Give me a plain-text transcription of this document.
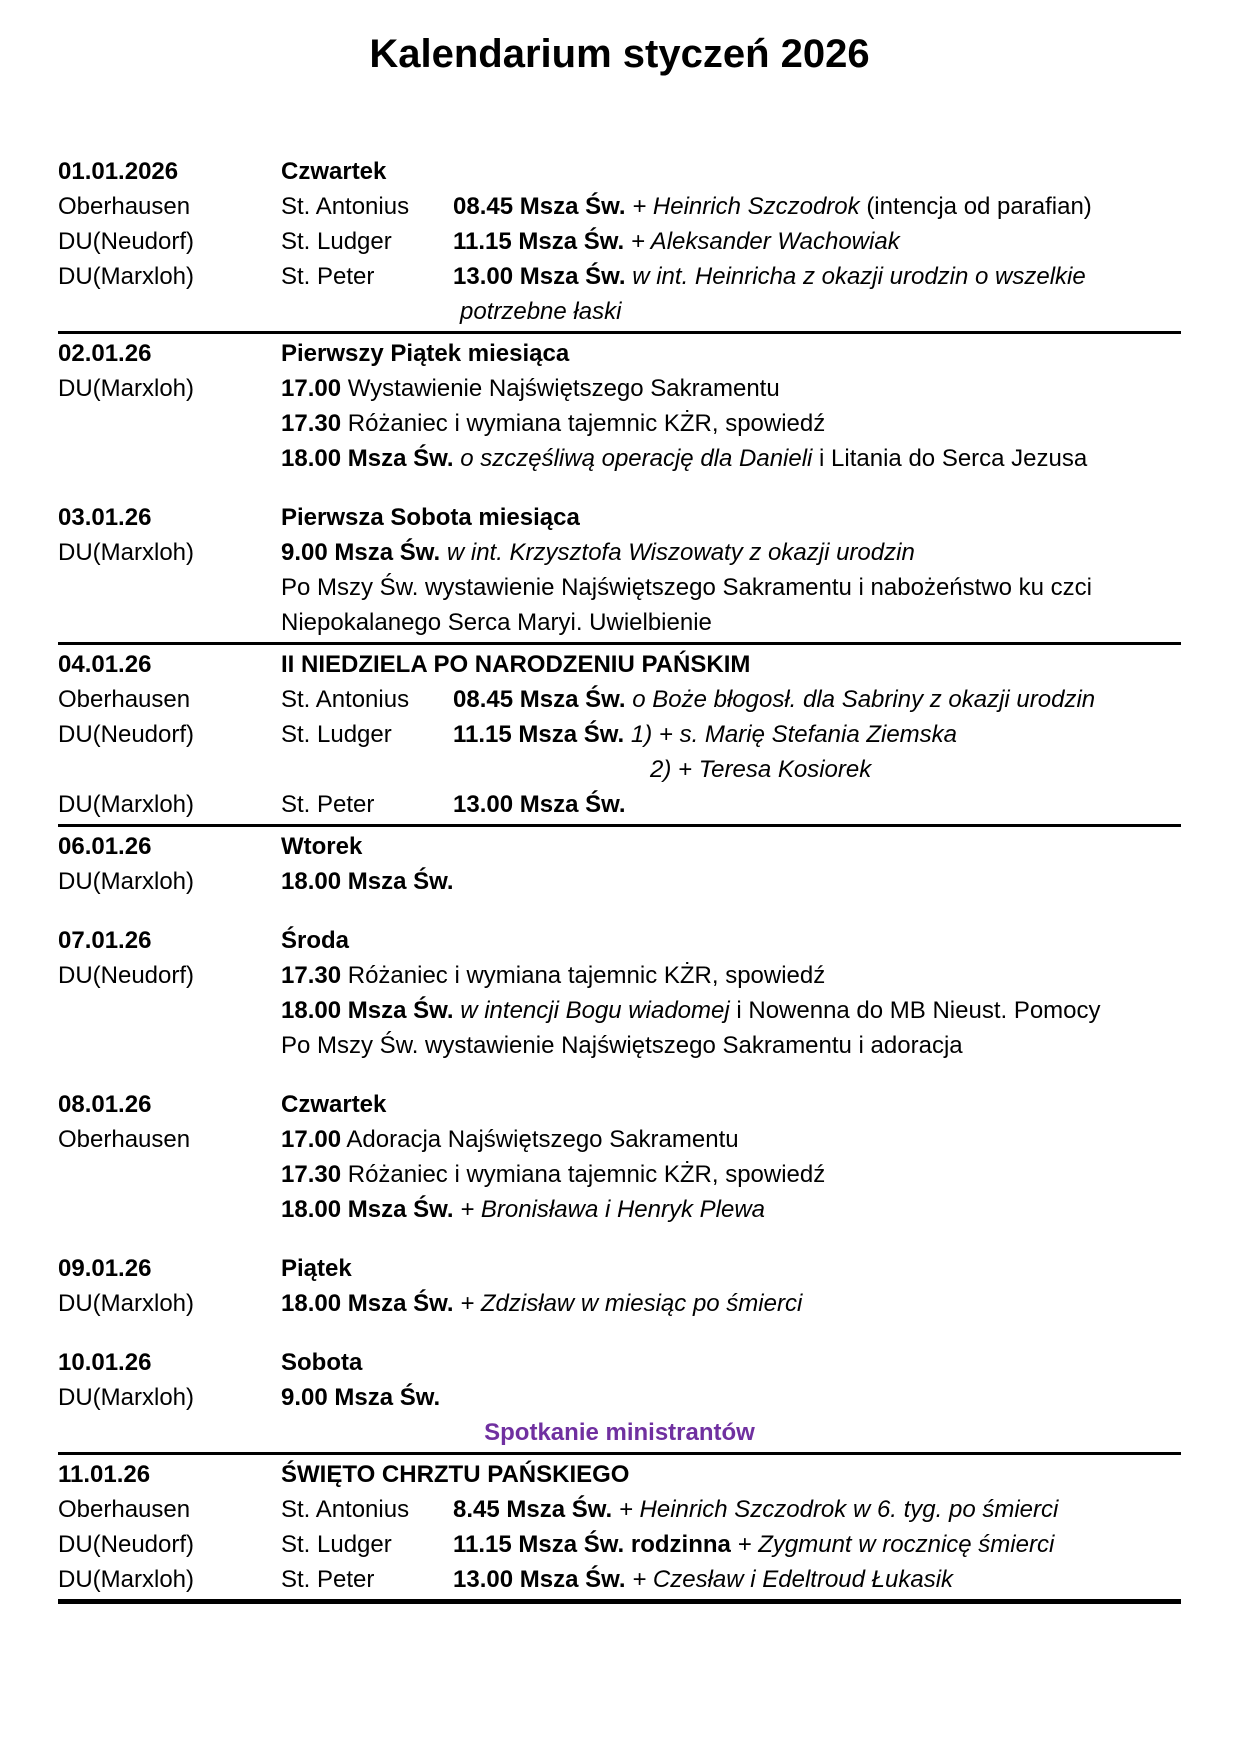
Kalendarium styczeń 2026
01.01.2026	Czwartek
Oberhausen	St. Antonius	08.45 Msza Św. + Heinrich Szczodrok (intencja od parafian)
DU(Neudorf)	St. Ludger	11.15 Msza Św. + Aleksander Wachowiak
DU(Marxloh)	St. Peter	13.00 Msza Św. w int. Heinricha z okazji urodzin o wszelkie
potrzebne łaski
02.01.26	Pierwszy Piątek miesiąca
DU(Marxloh)	17.00 Wystawienie Najświętszego Sakramentu
17.30 Różaniec i wymiana tajemnic KŻR, spowiedź
18.00 Msza Św. o szczęśliwą operację dla Danieli i Litania do Serca Jezusa
03.01.26	Pierwsza Sobota miesiąca
DU(Marxloh)	9.00 Msza Św. w int. Krzysztofa Wiszowaty z okazji urodzin
Po Mszy Św. wystawienie Najświętszego Sakramentu i nabożeństwo ku czci
Niepokalanego Serca Maryi. Uwielbienie
04.01.26	II NIEDZIELA PO NARODZENIU PAŃSKIM
Oberhausen	St. Antonius	08.45 Msza Św. o Boże błogosł. dla Sabriny z okazji urodzin
DU(Neudorf)	St. Ludger	11.15 Msza Św. 1) + s. Marię Stefania Ziemska
2) + Teresa Kosiorek
DU(Marxloh)	St. Peter	13.00 Msza Św.
06.01.26	Wtorek
DU(Marxloh)	18.00 Msza Św.
07.01.26	Środa
DU(Neudorf)	17.30 Różaniec i wymiana tajemnic KŻR, spowiedź
18.00 Msza Św. w intencji Bogu wiadomej i Nowenna do MB Nieust. Pomocy
Po Mszy Św. wystawienie Najświętszego Sakramentu i adoracja
08.01.26	Czwartek
Oberhausen	17.00 Adoracja Najświętszego Sakramentu
17.30 Różaniec i wymiana tajemnic KŻR, spowiedź
18.00 Msza Św. + Bronisława i Henryk Plewa
09.01.26	Piątek
DU(Marxloh)	18.00 Msza Św. + Zdzisław w miesiąc po śmierci
10.01.26	Sobota
DU(Marxloh)	9.00 Msza Św.
Spotkanie ministrantów
11.01.26	ŚWIĘTO CHRZTU PAŃSKIEGO
Oberhausen	St. Antonius	8.45 Msza Św. + Heinrich Szczodrok w 6. tyg. po śmierci
DU(Neudorf)	St. Ludger	11.15 Msza Św. rodzinna + Zygmunt w rocznicę śmierci
DU(Marxloh)	St. Peter	13.00 Msza Św. + Czesław i Edeltroud Łukasik
